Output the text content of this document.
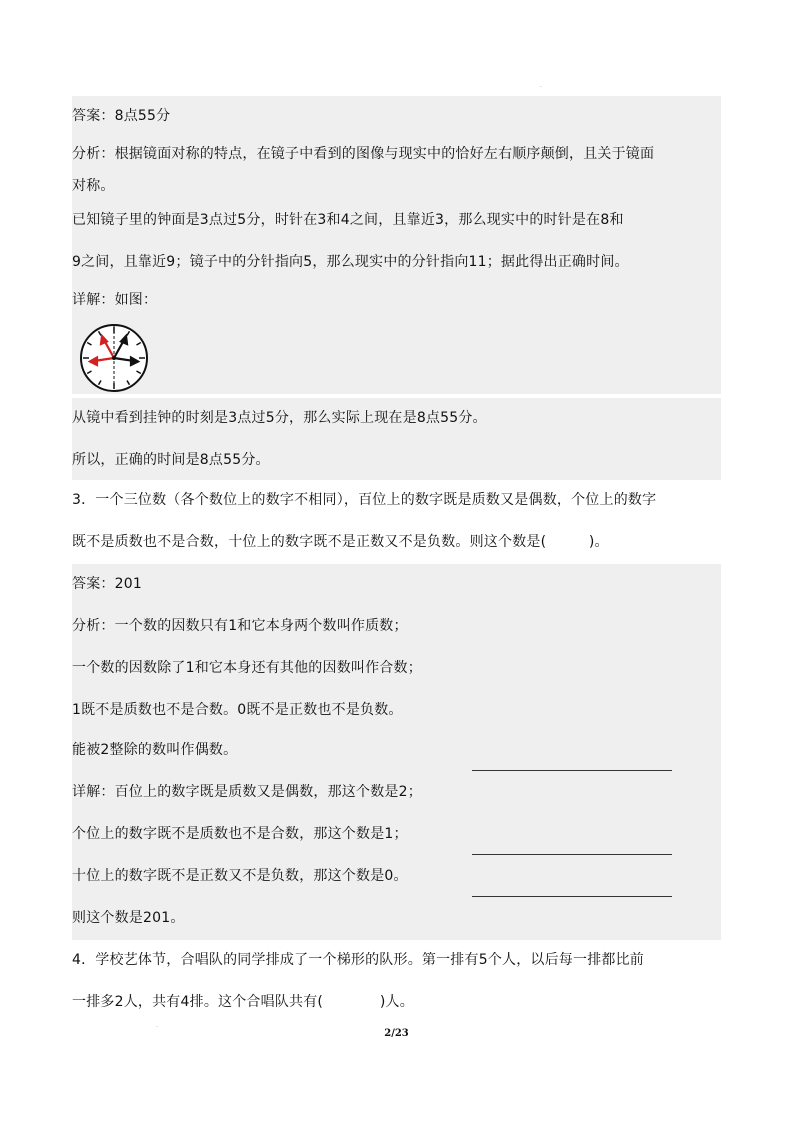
·
·
答案：8点55分
分析：根据镜面对称的特点，在镜子中看到的图像与现实中的恰好左右顺序颠倒，且关于镜面
对称。
已知镜子里的钟面是3点过5分，时针在3和4之间，且靠近3，那么现实中的时针是在8和
9之间，且靠近9；镜子中的分针指向5，那么现实中的分针指向11；据此得出正确时间。
详解：如图：
从镜中看到挂钟的时刻是3点过5分，那么实际上现在是8点55分。
所以，正确的时间是8点55分。
3．一个三位数（各个数位上的数字不相同），百位上的数字既是质数又是偶数，个位上的数字
既不是质数也不是合数，十位上的数字既不是正数又不是负数。则这个数是(　　　)。
答案：201
分析：一个数的因数只有1和它本身两个数叫作质数；
一个数的因数除了1和它本身还有其他的因数叫作合数；
1既不是质数也不是合数。0既不是正数也不是负数。
能被2整除的数叫作偶数。
详解：百位上的数字既是质数又是偶数，那这个数是2；
个位上的数字既不是质数也不是合数，那这个数是1；
十位上的数字既不是正数又不是负数，那这个数是0。
则这个数是201。
4．学校艺体节，合唱队的同学排成了一个梯形的队形。第一排有5个人，以后每一排都比前
一排多2人，共有4排。这个合唱队共有(　　　　)人。
2/23
